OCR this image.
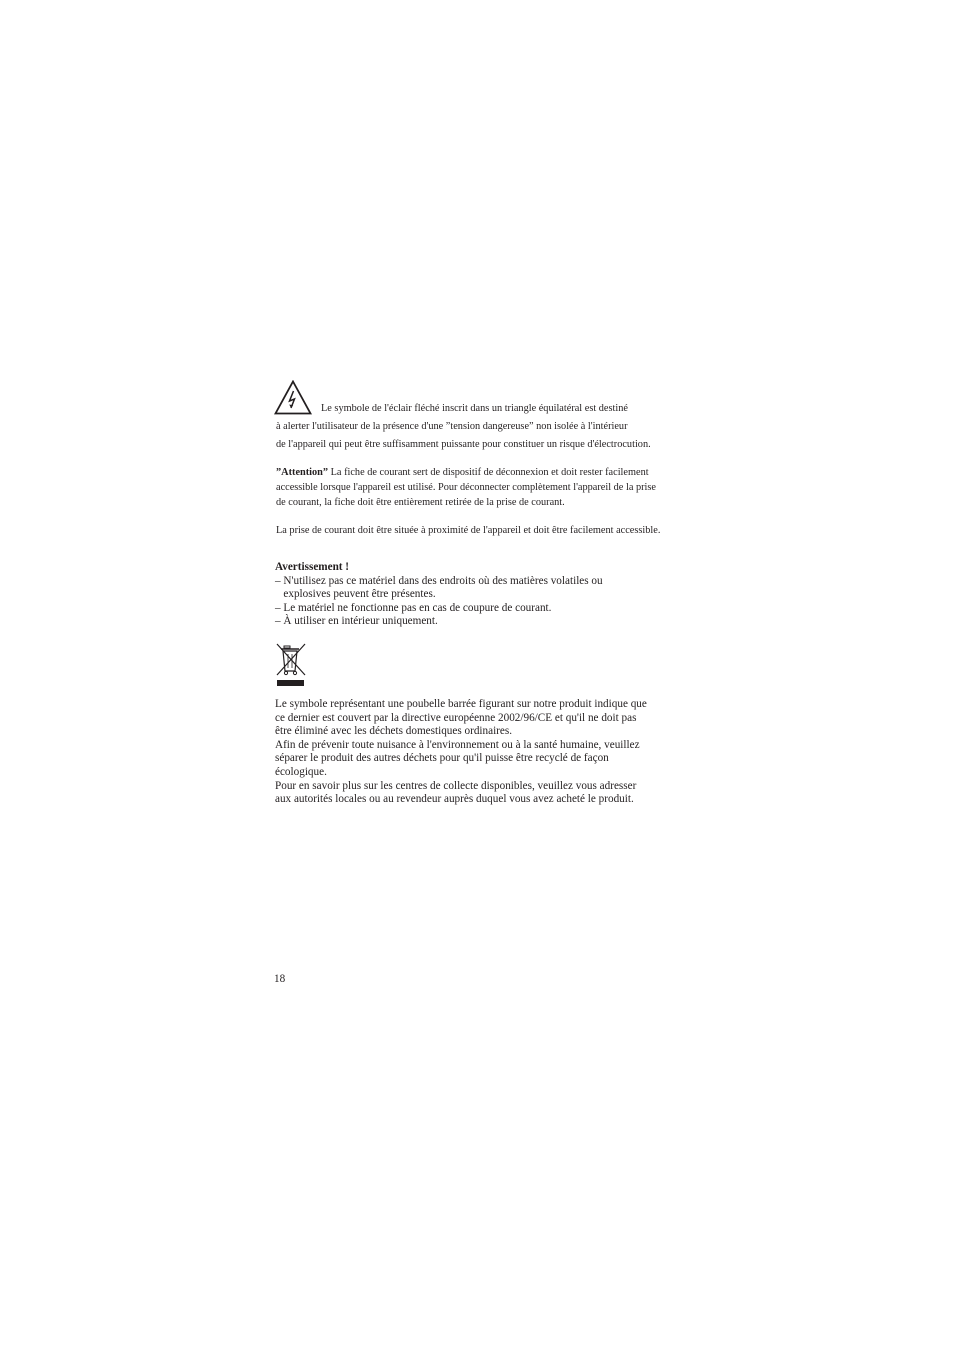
Le symbole de l'éclair fléché inscrit dans un triangle équilatéral est destiné
à alerter l'utilisateur de la présence d'une ”tension dangereuse” non isolée à l'intérieur
de l'appareil qui peut être suffisamment puissante pour constituer un risque d'électrocution.
”Attention” La fiche de courant sert de dispositif de déconnexion et doit rester facilement
accessible lorsque l'appareil est utilisé. Pour déconnecter complètement l'appareil de la prise
de courant, la fiche doit être entièrement retirée de la prise de courant.
La prise de courant doit être située à proximité de l'appareil et doit être facilement accessible.
Avertissement !
– N'utilisez pas ce matériel dans des endroits où des matières volatiles ou
explosives peuvent être présentes.
– Le matériel ne fonctionne pas en cas de coupure de courant.
– À utiliser en intérieur uniquement.
Le symbole représentant une poubelle barrée figurant sur notre produit indique que
ce dernier est couvert par la directive européenne 2002/96/CE et qu'il ne doit pas
être éliminé avec les déchets domestiques ordinaires.
Afin de prévenir toute nuisance à l'environnement ou à la santé humaine, veuillez
séparer le produit des autres déchets pour qu'il puisse être recyclé de façon
écologique.
Pour en savoir plus sur les centres de collecte disponibles, veuillez vous adresser
aux autorités locales ou au revendeur auprès duquel vous avez acheté le produit.
18
